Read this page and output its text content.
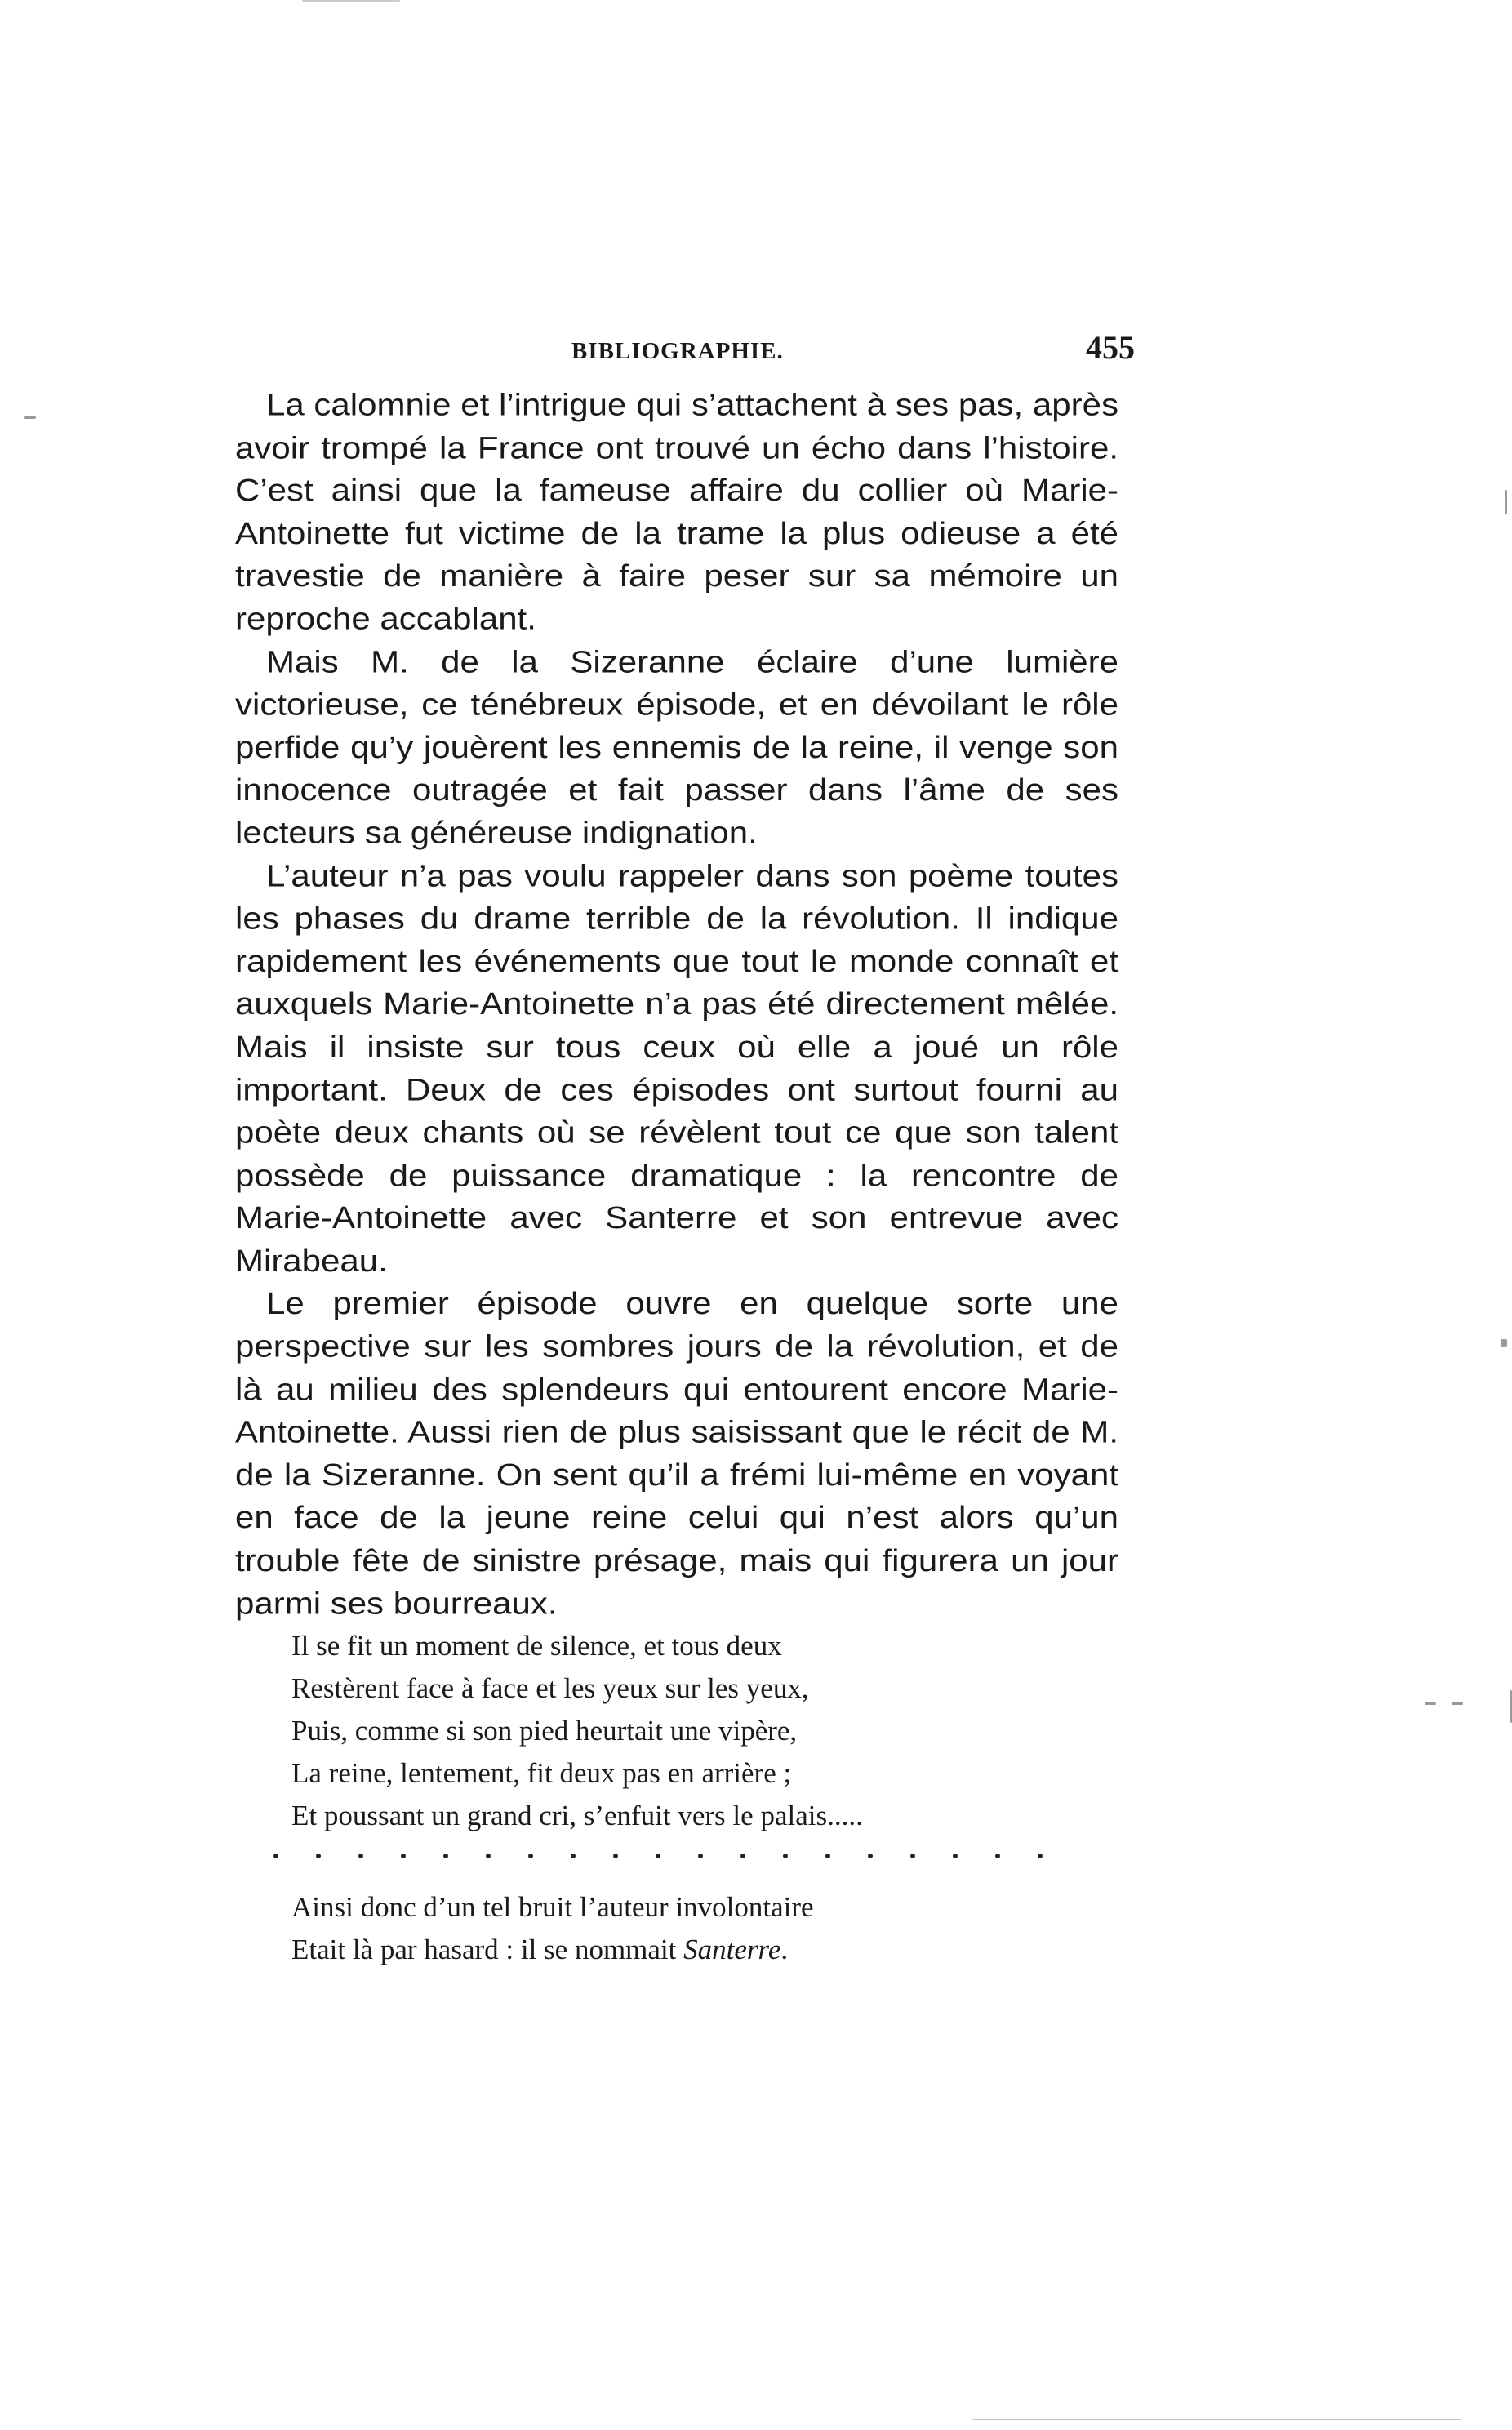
BIBLIOGRAPHIE.	455

La calomnie et l’intrigue qui s’attachent à ses pas, après avoir trompé la France ont trouvé un écho dans l’histoire. C’est ainsi que la fameuse affaire du collier où Marie-Antoinette fut victime de la trame la plus odieuse a été travestie de manière à faire peser sur sa mémoire un reproche accablant.

Mais M. de la Sizeranne éclaire d’une lumière victorieuse, ce ténébreux épisode, et en dévoilant le rôle perfide qu’y jouèrent les ennemis de la reine, il venge son innocence outragée et fait passer dans l’âme de ses lecteurs sa généreuse indignation.

L’auteur n’a pas voulu rappeler dans son poème toutes les phases du drame terrible de la révolution. Il indique rapidement les événements que tout le monde connaît et auxquels Marie-Antoinette n’a pas été directement mêlée. Mais il insiste sur tous ceux où elle a joué un rôle important. Deux de ces épisodes ont surtout fourni au poète deux chants où se révèlent tout ce que son talent possède de puissance dramatique : la rencontre de Marie-Antoinette avec Santerre et son entrevue avec Mirabeau.

Le premier épisode ouvre en quelque sorte une perspective sur les sombres jours de la révolution, et de là au milieu des splendeurs qui entourent encore Marie-Antoinette. Aussi rien de plus saisissant que le récit de M. de la Sizeranne. On sent qu’il a frémi lui-même en voyant en face de la jeune reine celui qui n’est alors qu’un trouble fête de sinistre présage, mais qui figurera un jour parmi ses bourreaux.

Il se fit un moment de silence, et tous deux
Restèrent face à face et les yeux sur les yeux,
Puis, comme si son pied heurtait une vipère,
La reine, lentement, fit deux pas en arrière ;
Et poussant un grand cri, s’enfuit vers le palais.....
Ainsi donc d’un tel bruit l’auteur involontaire
Etait là par hasard : il se nommait Santerre.
